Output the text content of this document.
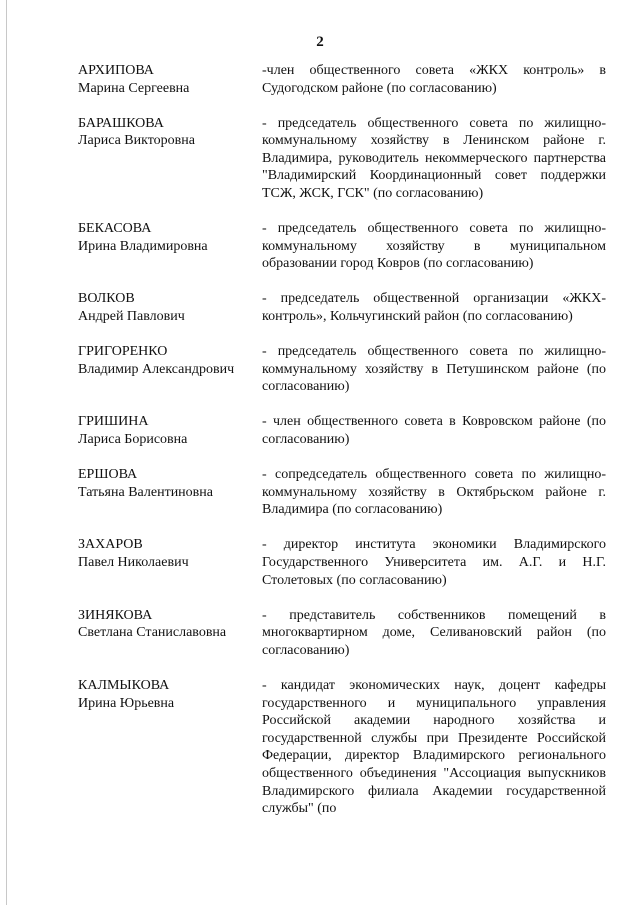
2
АРХИПОВА
Марина Сергеевна
-член общественного совета «ЖКХ контроль» в Судогодском районе (по согласованию)
БАРАШКОВА
Лариса Викторовна
- председатель общественного совета по жилищно-коммунальному хозяйству в Ленинском районе г. Владимира, руководитель некоммерческого партнерства "Владимирский Координационный совет поддержки ТСЖ, ЖСК, ГСК" (по согласованию)
БЕКАСОВА
Ирина Владимировна
- председатель общественного совета по жилищно-коммунальному хозяйству в муниципальном образовании город Ковров (по согласованию)
ВОЛКОВ
Андрей Павлович
- председатель общественной организации «ЖКХ-контроль», Кольчугинский район (по согласованию)
ГРИГОРЕНКО
Владимир Александрович
- председатель общественного совета по жилищно-коммунальному хозяйству в Петушинском районе (по согласованию)
ГРИШИНА
Лариса Борисовна
- член общественного совета в Ковровском районе (по согласованию)
ЕРШОВА
Татьяна Валентиновна
- сопредседатель общественного совета по жилищно-коммунальному хозяйству в Октябрьском районе г. Владимира (по согласованию)
ЗАХАРОВ
Павел Николаевич
- директор института экономики Владимирского Государственного Университета им. А.Г. и Н.Г. Столетовых (по согласованию)
ЗИНЯКОВА
Светлана Станиславовна
- представитель собственников помещений в многоквартирном доме, Селивановский район (по согласованию)
КАЛМЫКОВА
Ирина Юрьевна
- кандидат экономических наук, доцент кафедры государственного и муниципального управления Российской академии народного хозяйства и государственной службы при Президенте Российской Федерации, директор Владимирского регионального общественного объединения "Ассоциация выпускников Владимирского филиала Академии государственной службы" (по
